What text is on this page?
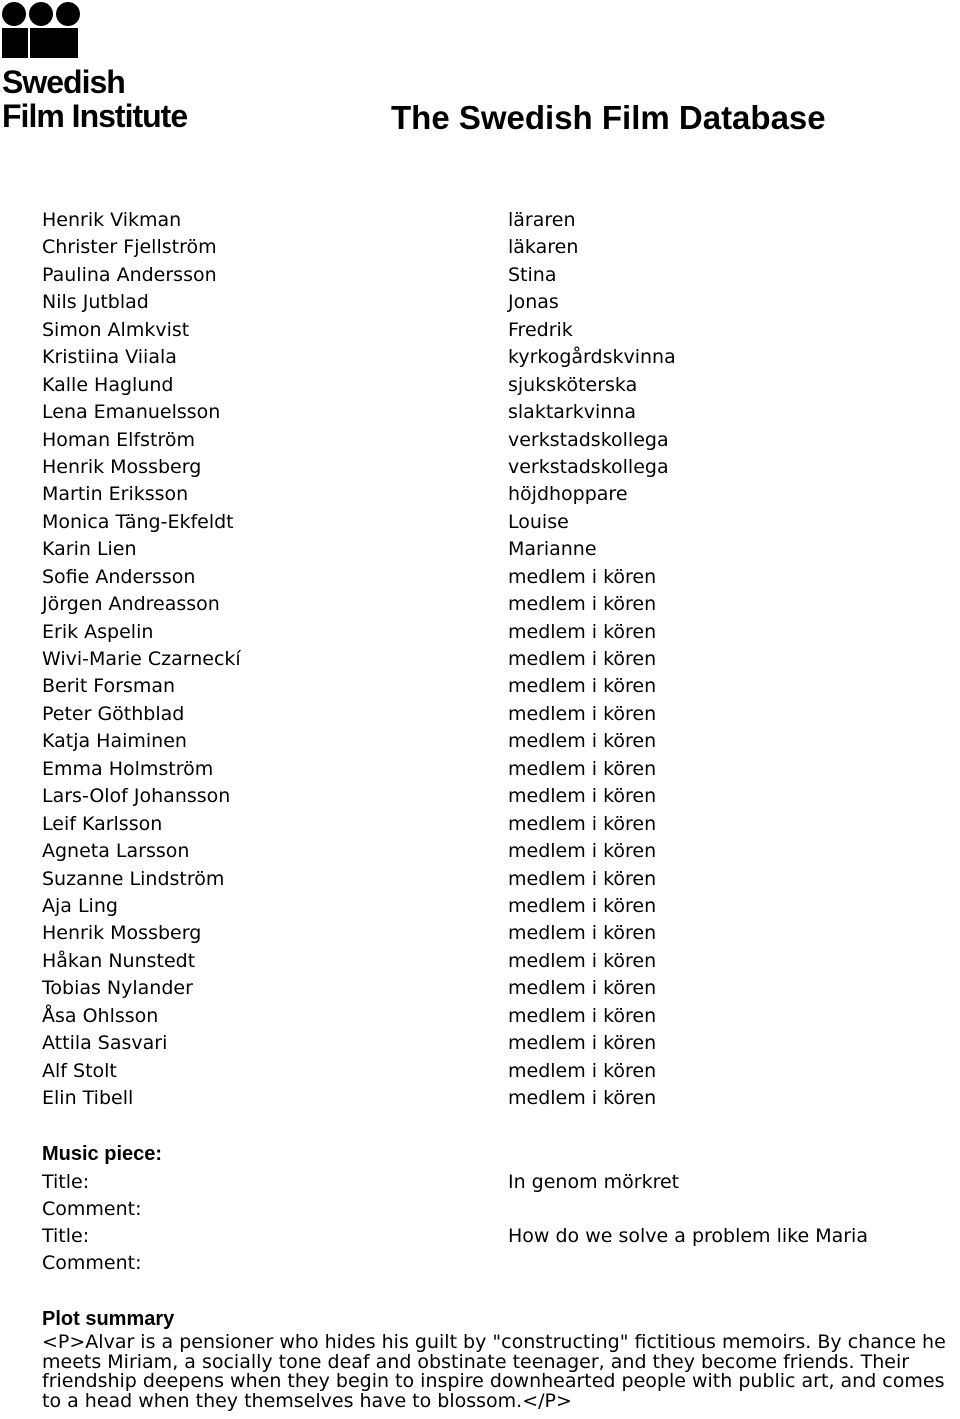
Swedish
Film Institute	The Swedish Film Database
Henrik Vikman	läraren
Christer Fjellström	läkaren
Paulina Andersson	Stina
Nils Jutblad	Jonas
Simon Almkvist	Fredrik
Kristiina Viiala	kyrkogårdskvinna
Kalle Haglund	sjuksköterska
Lena Emanuelsson	slaktarkvinna
Homan Elfström	verkstadskollega
Henrik Mossberg	verkstadskollega
Martin Eriksson	höjdhoppare
Monica Täng-Ekfeldt	Louise
Karin Lien	Marianne
Sofie Andersson	medlem i kören
Jörgen Andreasson	medlem i kören
Erik Aspelin	medlem i kören
Wivi-Marie Czarneckí	medlem i kören
Berit Forsman	medlem i kören
Peter Göthblad	medlem i kören
Katja Haiminen	medlem i kören
Emma Holmström	medlem i kören
Lars-Olof Johansson	medlem i kören
Leif Karlsson	medlem i kören
Agneta Larsson	medlem i kören
Suzanne Lindström	medlem i kören
Aja Ling	medlem i kören
Henrik Mossberg	medlem i kören
Håkan Nunstedt	medlem i kören
Tobias Nylander	medlem i kören
Åsa Ohlsson	medlem i kören
Attila Sasvari	medlem i kören
Alf Stolt	medlem i kören
Elin Tibell	medlem i kören
Music piece:
Title:	In genom mörkret
Comment:
Title:	How do we solve a problem like Maria
Comment:
Plot summary

<P>Alvar is a pensioner who hides his guilt by "constructing" fictitious memoirs. By chance he meets Miriam, a socially tone deaf and obstinate teenager, and they become friends. Their friendship deepens when they begin to inspire downhearted people with public art, and comes to a head when they themselves have to blossom.</P>
